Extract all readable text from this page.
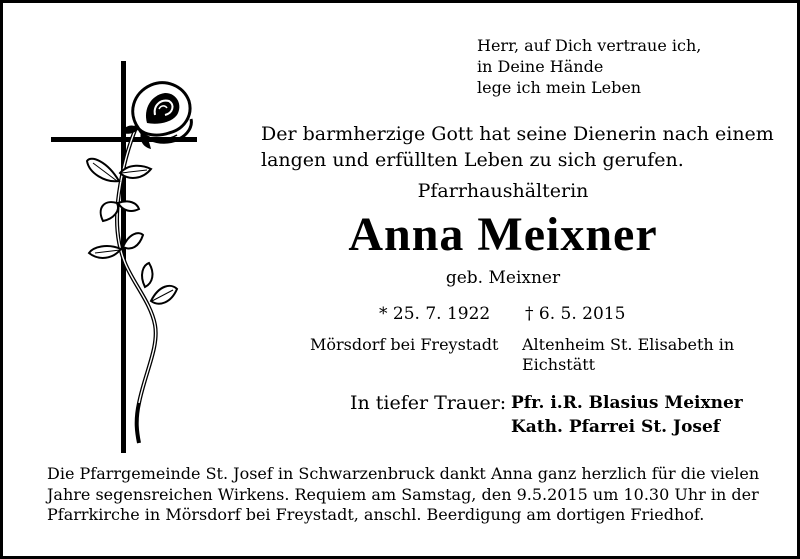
Herr, auf Dich vertraue ich,
in Deine Hände
lege ich mein Leben
Der barmherzige Gott hat seine Dienerin nach einem
langen und erfüllten Leben zu sich gerufen.
Pfarrhaushälterin
Anna Meixner
geb. Meixner
* 25. 7. 1922 † 6. 5. 2015
Mörsdorf bei Freystadt Altenheim St. Elisabeth in
Eichstätt
In tiefer Trauer: Pfr. i.R. Blasius Meixner
Kath. Pfarrei St. Josef
Die Pfarrgemeinde St. Josef in Schwarzenbruck dankt Anna ganz herzlich für die vielen
Jahre segensreichen Wirkens. Requiem am Samstag, den 9.5.2015 um 10.30 Uhr in der
Pfarrkirche in Mörsdorf bei Freystadt, anschl. Beerdigung am dortigen Friedhof.
